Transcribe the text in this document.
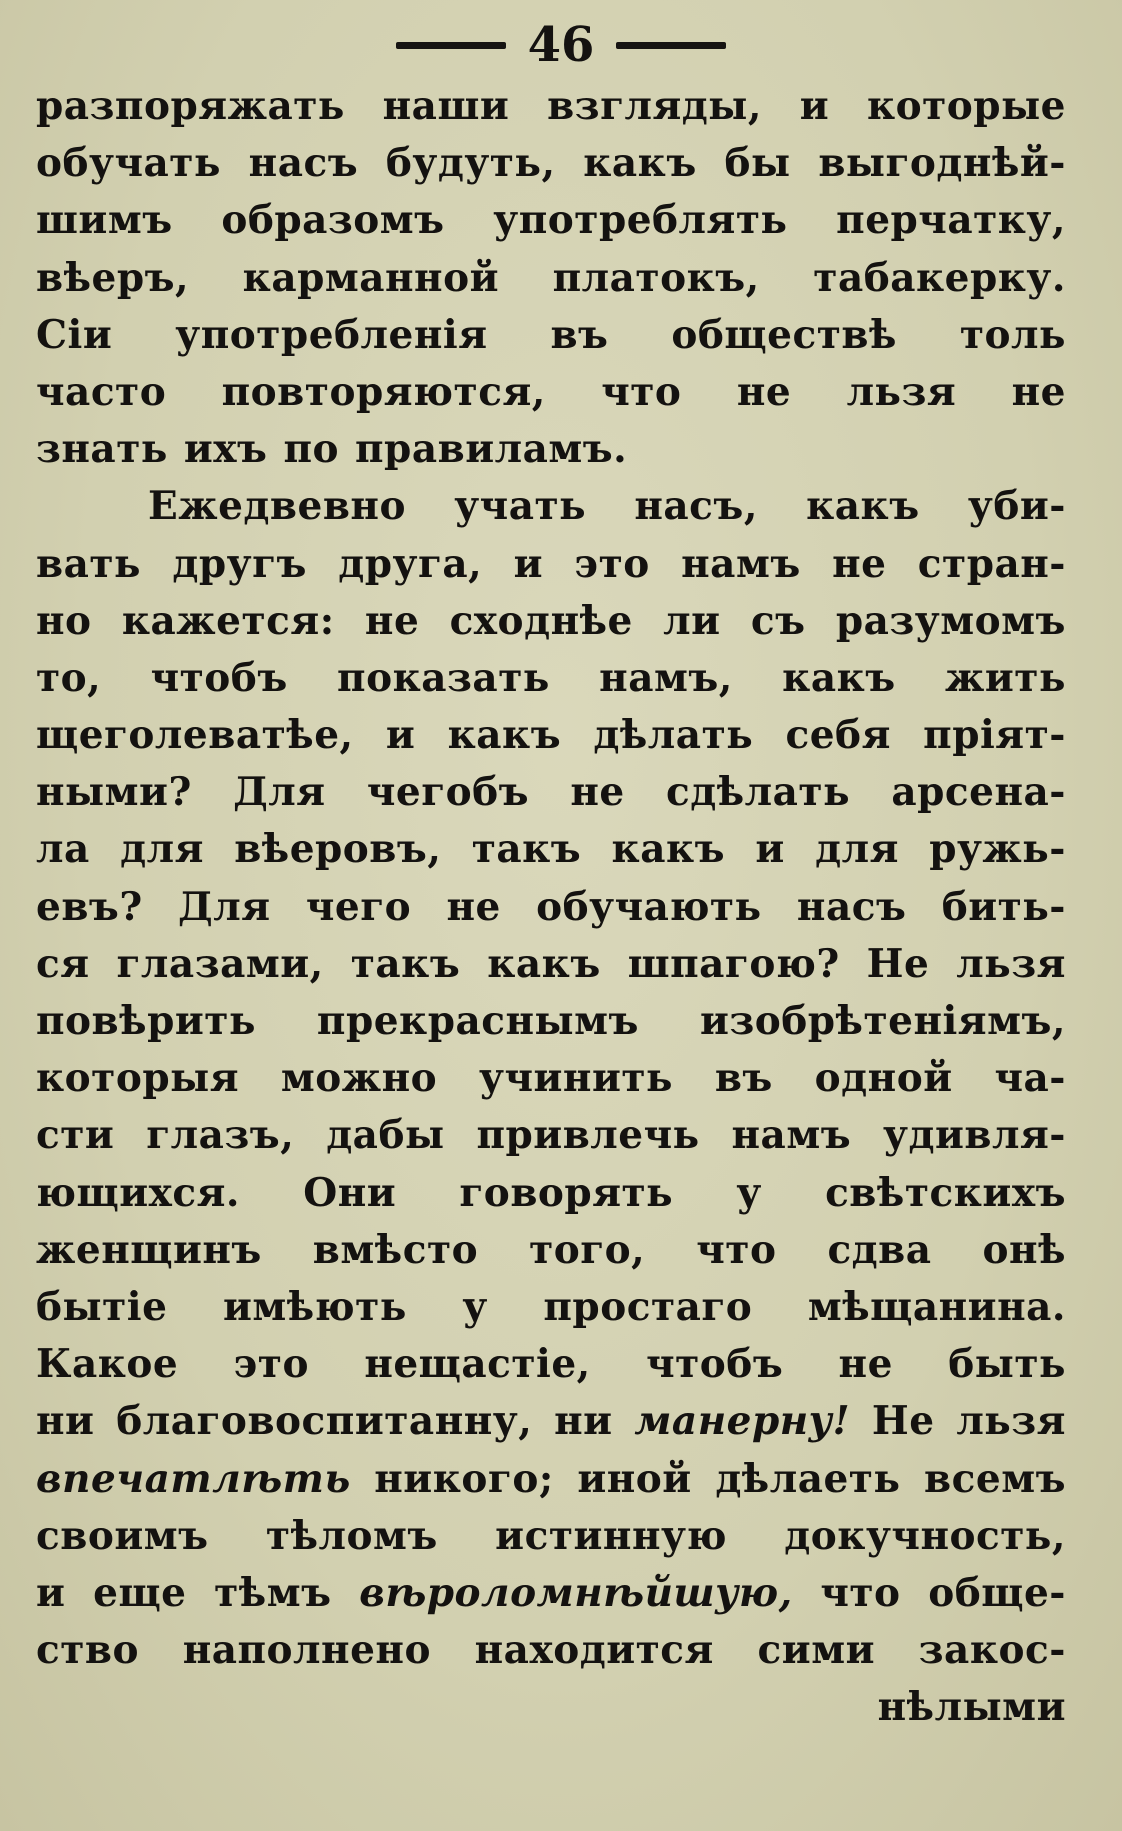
46
разпоряжать наши взгляды, и которые
обучать насъ будуть, какъ бы выгоднѣй-
шимъ образомъ употреблять перчатку,
вѣеръ, карманной платокъ, табакерку.
Сіи употребленія въ обществѣ толь
часто повторяются, что не льзя не
знать ихъ по правиламъ.
Ежедвевно учать насъ, какъ уби-
вать другъ друга, и это намъ не стран-
но кажется: не сходнѣе ли съ разумомъ
то, чтобъ показать намъ, какъ жить
щеголеватѣе, и какъ дѣлать себя пріят-
ными? Для чегобъ не сдѣлать арсена-
ла для вѣеровъ, такъ какъ и для ружь-
евъ? Для чего не обучають насъ бить-
ся глазами, такъ какъ шпагою? Не льзя
повѣрить прекраснымъ изобрѣтеніямъ,
которыя можно учинить въ одной ча-
сти глазъ, дабы привлечь намъ удивля-
ющихся. Они говорять у свѣтскихъ
женщинъ вмѣсто того, что сдва онѣ
бытіе имѣють у простаго мѣщанина.
Какое это нещастіе, чтобъ не быть
ни благовоспитанну, ни манерну! Не льзя
впечатлѣть никого; иной дѣлаеть всемъ
своимъ тѣломъ истинную докучность,
и еще тѣмъ вѣроломнѣйшую, что обще-
ство наполнено находится сими закос-
нѣлыми
